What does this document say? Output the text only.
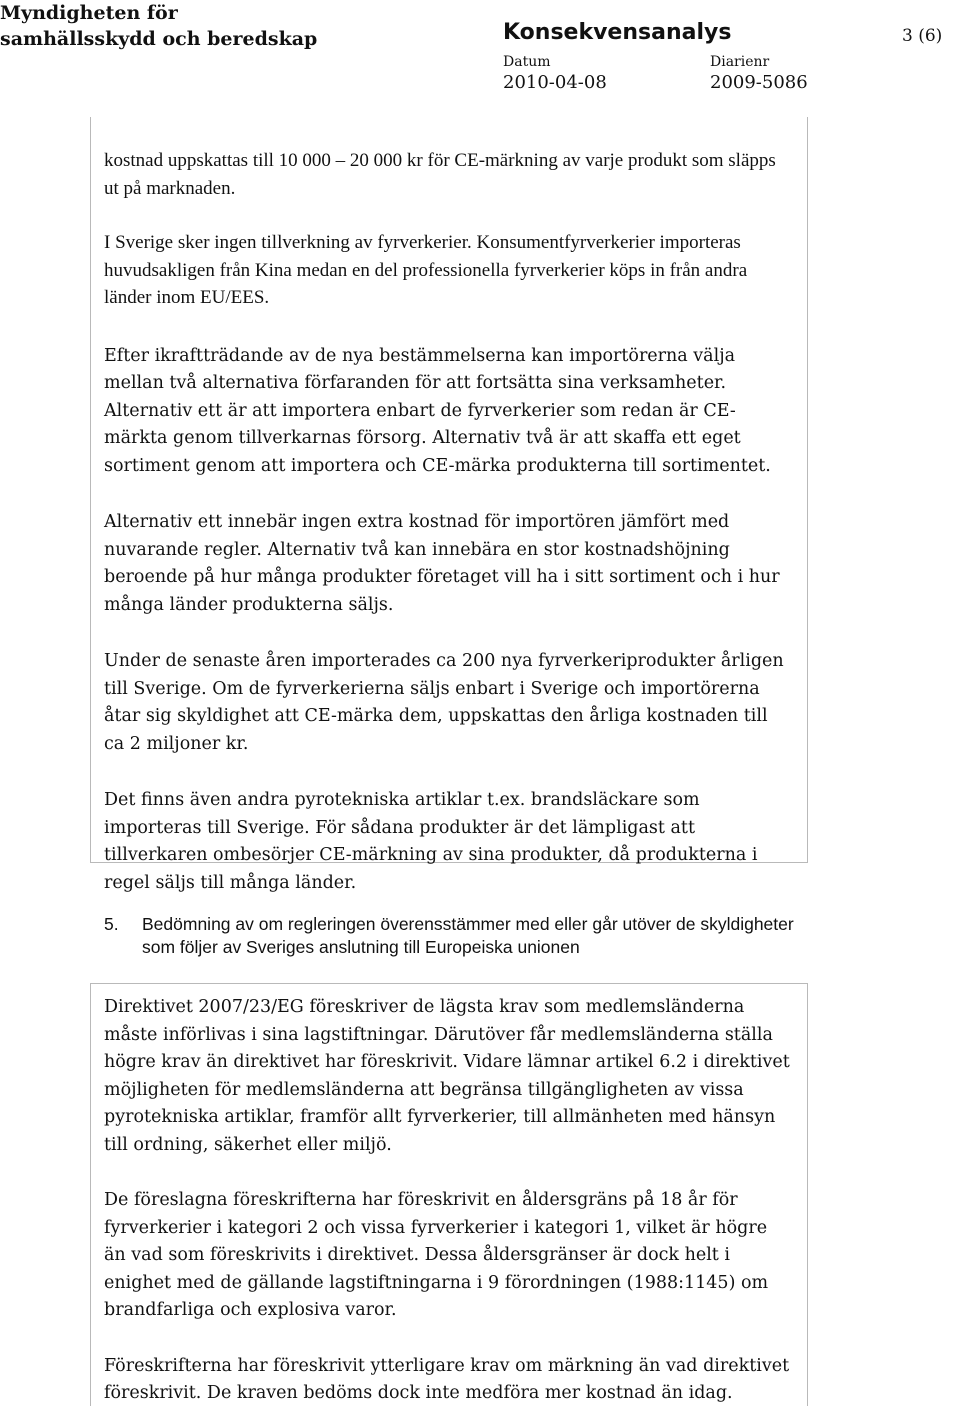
Myndigheten för
samhällsskydd och beredskap	Konsekvensanalys	3 (6)
Datum
2010-04-08
Diarienr
2009-5086

kostnad uppskattas till 10 000 – 20 000 kr för CE-märkning av varje produkt som släpps ut på marknaden.

I Sverige sker ingen tillverkning av fyrverkerier. Konsumentfyrverkerier importeras huvudsakligen från Kina medan en del professionella fyrverkerier köps in från andra länder inom EU/EES.

Efter ikraftträdande av de nya bestämmelserna kan importörerna välja mellan två alternativa förfaranden för att fortsätta sina verksamheter. Alternativ ett är att importera enbart de fyrverkerier som redan är CE-märkta genom tillverkarnas försorg. Alternativ två är att skaffa ett eget sortiment genom att importera och CE-märka produkterna till sortimentet.

Alternativ ett innebär ingen extra kostnad för importören jämfört med nuvarande regler. Alternativ två kan innebära en stor kostnadshöjning beroende på hur många produkter företaget vill ha i sitt sortiment och i hur många länder produkterna säljs.

Under de senaste åren importerades ca 200 nya fyrverkeriprodukter årligen till Sverige. Om de fyrverkerierna säljs enbart i Sverige och importörerna åtar sig skyldighet att CE-märka dem, uppskattas den årliga kostnaden till ca 2 miljoner kr.

Det finns även andra pyrotekniska artiklar t.ex. brandsläckare som importeras till Sverige. För sådana produkter är det lämpligast att tillverkaren ombesörjer CE-märkning av sina produkter, då produkterna i regel säljs till många länder.

5. Bedömning av om regleringen överensstämmer med eller går utöver de skyldigheter som följer av Sveriges anslutning till Europeiska unionen

Direktivet 2007/23/EG föreskriver de lägsta krav som medlemsländerna måste införlivas i sina lagstiftningar. Därutöver får medlemsländerna ställa högre krav än direktivet har föreskrivit. Vidare lämnar artikel 6.2 i direktivet möjligheten för medlemsländerna att begränsa tillgängligheten av vissa pyrotekniska artiklar, framför allt fyrverkerier, till allmänheten med hänsyn till ordning, säkerhet eller miljö.

De föreslagna föreskrifterna har föreskrivit en åldersgräns på 18 år för fyrverkerier i kategori 2 och vissa fyrverkerier i kategori 1, vilket är högre än vad som föreskrivits i direktivet. Dessa åldersgränser är dock helt i enighet med de gällande lagstiftningarna i 9 förordningen (1988:1145) om brandfarliga och explosiva varor.

Föreskrifterna har föreskrivit ytterligare krav om märkning än vad direktivet föreskrivit. De kraven bedöms dock inte medföra mer kostnad än idag.
